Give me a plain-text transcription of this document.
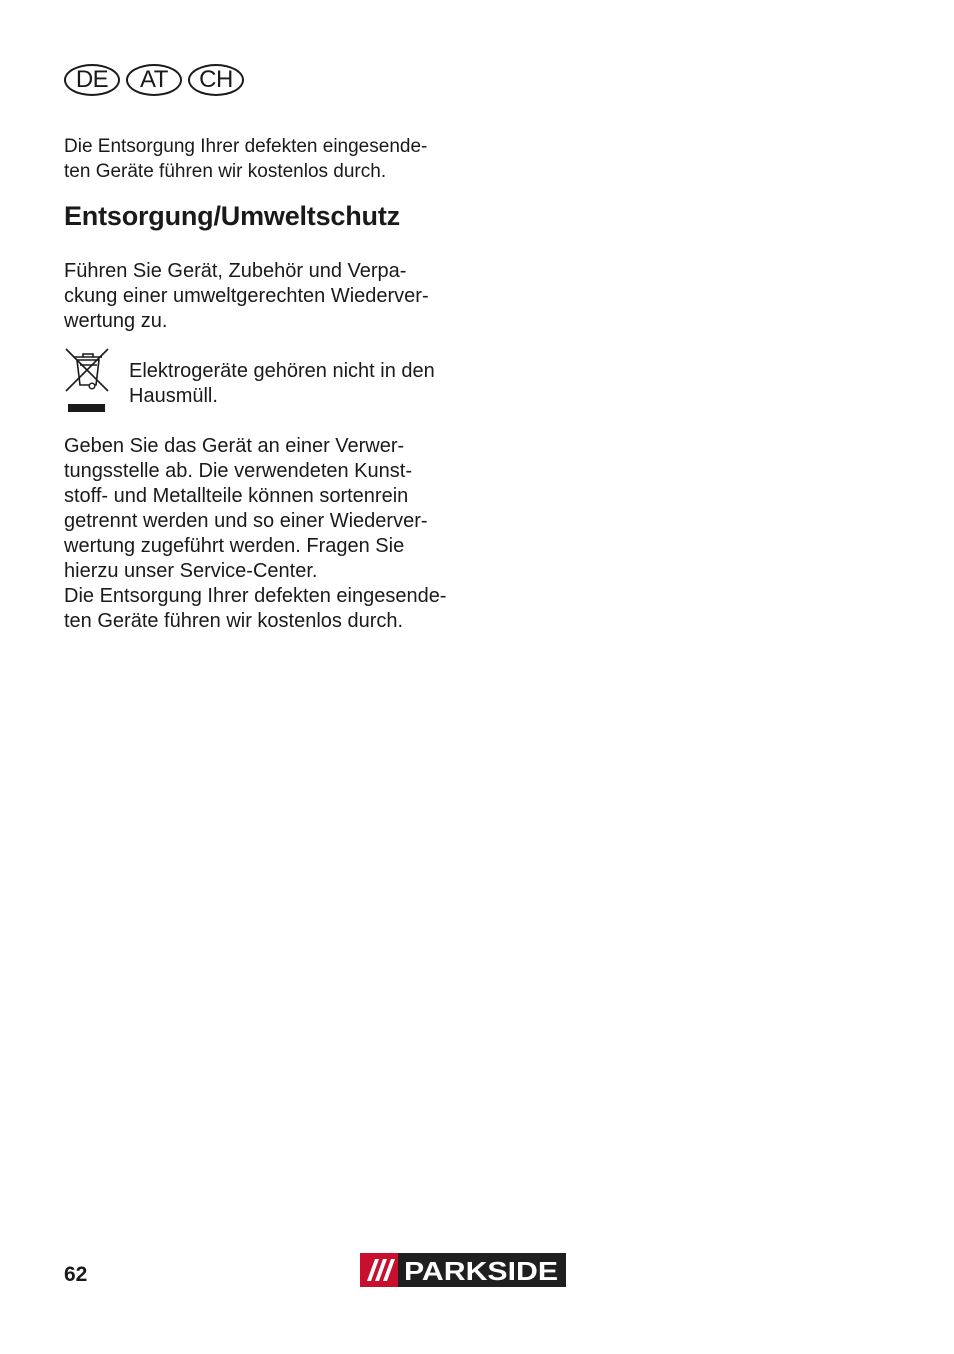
DE	AT	CH

Die Entsorgung Ihrer defekten eingesende-
ten Geräte führen wir kostenlos durch.

Entsorgung/Umweltschutz

Führen Sie Gerät, Zubehör und Verpa-
ckung einer umweltgerechten Wiederver-
wertung zu.

Elektrogeräte gehören nicht in den
Hausmüll.

Geben Sie das Gerät an einer Verwer-
tungsstelle ab. Die verwendeten Kunst-
stoff- und Metallteile können sortenrein
getrennt werden und so einer Wiederver-
wertung zugeführt werden. Fragen Sie
hierzu unser Service-Center.
Die Entsorgung Ihrer defekten eingesende-
ten Geräte führen wir kostenlos durch.

62	PARKSIDE
